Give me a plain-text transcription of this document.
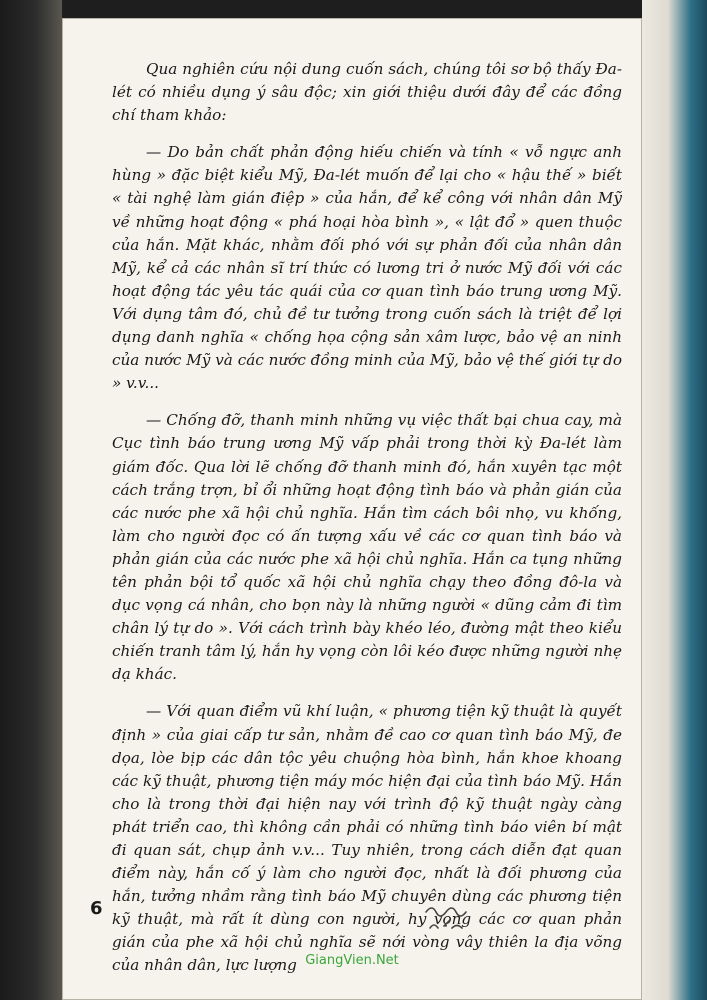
Qua nghiên cứu nội dung cuốn sách, chúng tôi sơ bộ thấy Đa-lét có nhiều dụng ý sâu độc; xin giới thiệu dưới đây để các đồng chí tham khảo:

— Do bản chất phản động hiếu chiến và tính « vỗ ngực anh hùng » đặc biệt kiểu Mỹ, Đa-lét muốn để lại cho « hậu thế » biết « tài nghệ làm gián điệp » của hắn, để kể công với nhân dân Mỹ về những hoạt động « phá hoại hòa bình », « lật đổ » quen thuộc của hắn. Mặt khác, nhằm đối phó với sự phản đối của nhân dân Mỹ, kể cả các nhân sĩ trí thức có lương tri ở nước Mỹ đối với các hoạt động tác yêu tác quái của cơ quan tình báo trung ương Mỹ. Với dụng tâm đó, chủ đề tư tưởng trong cuốn sách là triệt để lợi dụng danh nghĩa « chống họa cộng sản xâm lược, bảo vệ an ninh của nước Mỹ và các nước đồng minh của Mỹ, bảo vệ thế giới tự do » v.v...

— Chống đỡ, thanh minh những vụ việc thất bại chua cay, mà Cục tình báo trung ương Mỹ vấp phải trong thời kỳ Đa-lét làm giám đốc. Qua lời lẽ chống đỡ thanh minh đó, hắn xuyên tạc một cách trắng trợn, bỉ ổi những hoạt động tình báo và phản gián của các nước phe xã hội chủ nghĩa. Hắn tìm cách bôi nhọ, vu khống, làm cho người đọc có ấn tượng xấu về các cơ quan tình báo và phản gián của các nước phe xã hội chủ nghĩa. Hắn ca tụng những tên phản bội tổ quốc xã hội chủ nghĩa chạy theo đồng đô-la và dục vọng cá nhân, cho bọn này là những người « dũng cảm đi tìm chân lý tự do ». Với cách trình bày khéo léo, đường mật theo kiểu chiến tranh tâm lý, hắn hy vọng còn lôi kéo được những người nhẹ dạ khác.

— Với quan điểm vũ khí luận, « phương tiện kỹ thuật là quyết định » của giai cấp tư sản, nhằm đề cao cơ quan tình báo Mỹ, đe dọa, lòe bịp các dân tộc yêu chuộng hòa bình, hắn khoe khoang các kỹ thuật, phương tiện máy móc hiện đại của tình báo Mỹ. Hắn cho là trong thời đại hiện nay với trình độ kỹ thuật ngày càng phát triển cao, thì không cần phải có những tình báo viên bí mật đi quan sát, chụp ảnh v.v... Tuy nhiên, trong cách diễn đạt quan điểm này, hắn cố ý làm cho người đọc, nhất là đối phương của hắn, tưởng nhầm rằng tình báo Mỹ chuyên dùng các phương tiện kỹ thuật, mà rất ít dùng con người, hy vọng các cơ quan phản gián của phe xã hội chủ nghĩa sẽ nới vòng vây thiên la địa võng của nhân dân, lực lượng

6
GiangVien.Net
